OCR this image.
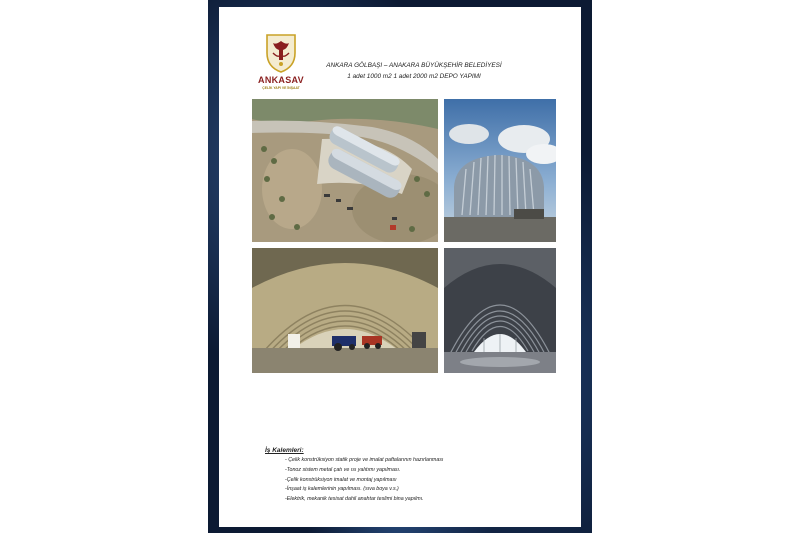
ANKASAV
ÇELİK YAPI VE İNŞAAT
ANKARA GÖLBAŞI – ANAKARA BÜYÜKŞEHİR BELEDİYESİ
1 adet 1000 m2 1 adet 2000 m2 DEPO YAPIMI
İş Kalemleri:
- Çelik konstrüksiyon statik proje ve imalat paftalarının hazırlanması
-Tonoz sistem metal çatı ve ısı yalıtımı yapılması.
-Çelik konstrüksiyon imalat ve montaj yapılması
-İnşaat iş kalemlerinin yapılması. (sıva boya v.s.)
-Elektrik, mekanik tesisat dahil anahtar teslimi bina yapılmı.
